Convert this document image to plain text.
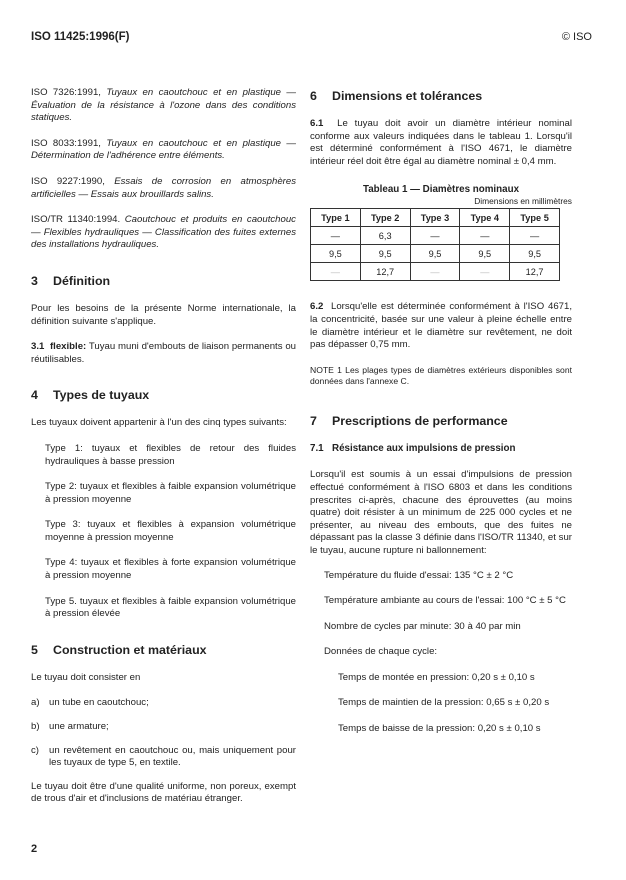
ISO 11425:1996(F)	© ISO

ISO 7326:1991, Tuyaux en caoutchouc et en plastique — Évaluation de la résistance à l'ozone dans des conditions statiques.

ISO 8033:1991, Tuyaux en caoutchouc et en plastique — Détermination de l'adhérence entre éléments.

ISO 9227:1990, Essais de corrosion en atmosphères artificielles — Essais aux brouillards salins.

ISO/TR 11340:1994. Caoutchouc et produits en caoutchouc — Flexibles hydrauliques — Classification des fuites externes des installations hydrauliques.

3 Définition

Pour les besoins de la présente Norme internationale, la définition suivante s'applique.

3.1 flexible: Tuyau muni d'embouts de liaison permanents ou réutilisables.

4 Types de tuyaux

Les tuyaux doivent appartenir à l'un des cinq types suivants:

Type 1: tuyaux et flexibles de retour des fluides hydrauliques à basse pression

Type 2: tuyaux et flexibles à faible expansion volumétrique à pression moyenne

Type 3: tuyaux et flexibles à expansion volumétrique moyenne à pression moyenne

Type 4: tuyaux et flexibles à forte expansion volumétrique à pression moyenne

Type 5. tuyaux et flexibles à faible expansion volumétrique à pression élevée

5 Construction et matériaux

Le tuyau doit consister en

a) un tube en caoutchouc;
b) une armature;
c)	un revêtement en caoutchouc ou, mais uniquement pour les tuyaux de type 5, en textile.

Le tuyau doit être d'une qualité uniforme, non poreux, exempt de trous d'air et d'inclusions de matériau étranger.

6 Dimensions et tolérances

6.1 Le tuyau doit avoir un diamètre intérieur nominal conforme aux valeurs indiquées dans le tableau 1. Lorsqu'il est déterminé conformément à l'ISO 4671, le diamètre intérieur réel doit être égal au diamètre nominal ± 0,4 mm.

Tableau 1 — Diamètres nominaux
Dimensions en millimètres
Type 1	Type 2	Type 3	Type 4	Type 5
—	6,3	—	—	—
9,5	9,5	9,5	9,5	9,5
—	12,7	—	—	12,7

6.2 Lorsqu'elle est déterminée conformément à l'ISO 4671, la concentricité, basée sur une valeur à pleine échelle entre le diamètre intérieur et le diamètre sur revêtement, ne doit pas dépasser 0,75 mm.

NOTE 1 Les plages types de diamètres extérieurs disponibles sont données dans l'annexe C.

7 Prescriptions de performance

7.1 Résistance aux impulsions de pression

Lorsqu'il est soumis à un essai d'impulsions de pression effectué conformément à l'ISO 6803 et dans les conditions prescrites ci-après, chacune des éprouvettes (au moins quatre) doit résister à un minimum de 225 000 cycles et ne présenter, au niveau des embouts, que des fuites ne dépassant pas la classe 3 définie dans l'ISO/TR 11340, et sur le tuyau, aucune rupture ni ballonnement:

Température du fluide d'essai: 135 °C ± 2 °C

Température ambiante au cours de l'essai: 100 °C ± 5 °C

Nombre de cycles par minute: 30 à 40 par min

Données de chaque cycle:

Temps de montée en pression: 0,20 s ± 0,10 s

Temps de maintien de la pression: 0,65 s ± 0,20 s

Temps de baisse de la pression: 0,20 s ± 0,10 s

2
